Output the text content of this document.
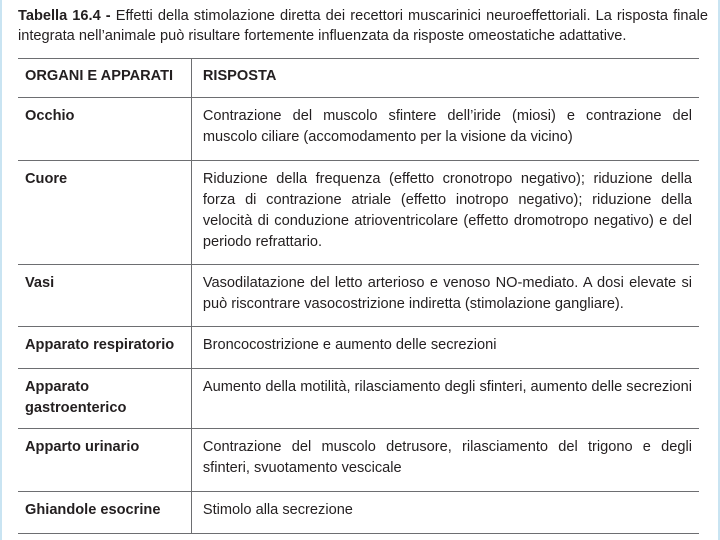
Tabella 16.4 - Effetti della stimolazione diretta dei recettori muscarinici neuroeffettoriali. La risposta finale integrata nell’animale può risultare fortemente influenzata da risposte omeostatiche adattative.
ORGANI E APPARATI	RISPOSTA

Occhio	Contrazione del muscolo sfintere dell’iride (miosi) e contrazione del muscolo ciliare (accomodamento per la visione da vicino)

Cuore	Riduzione della frequenza (effetto cronotropo negativo); riduzione della forza di contrazione atriale (effetto inotropo negativo); riduzione della velocità di conduzione atrioventricolare (effetto dromotropo negativo) e del periodo refrattario.

Vasi	Vasodilatazione del letto arterioso e venoso NO-mediato. A dosi elevate si può riscontrare vasocostrizione indiretta (stimolazione gangliare).

Apparato respiratorio	Broncocostrizione e aumento delle secrezioni

Apparato gastroenterico	Aumento della motilità, rilasciamento degli sfinteri, aumento delle secrezioni

Apparto urinario	Contrazione del muscolo detrusore, rilasciamento del trigono e degli sfinteri, svuotamento vescicale

Ghiandole esocrine	Stimolo alla secrezione
